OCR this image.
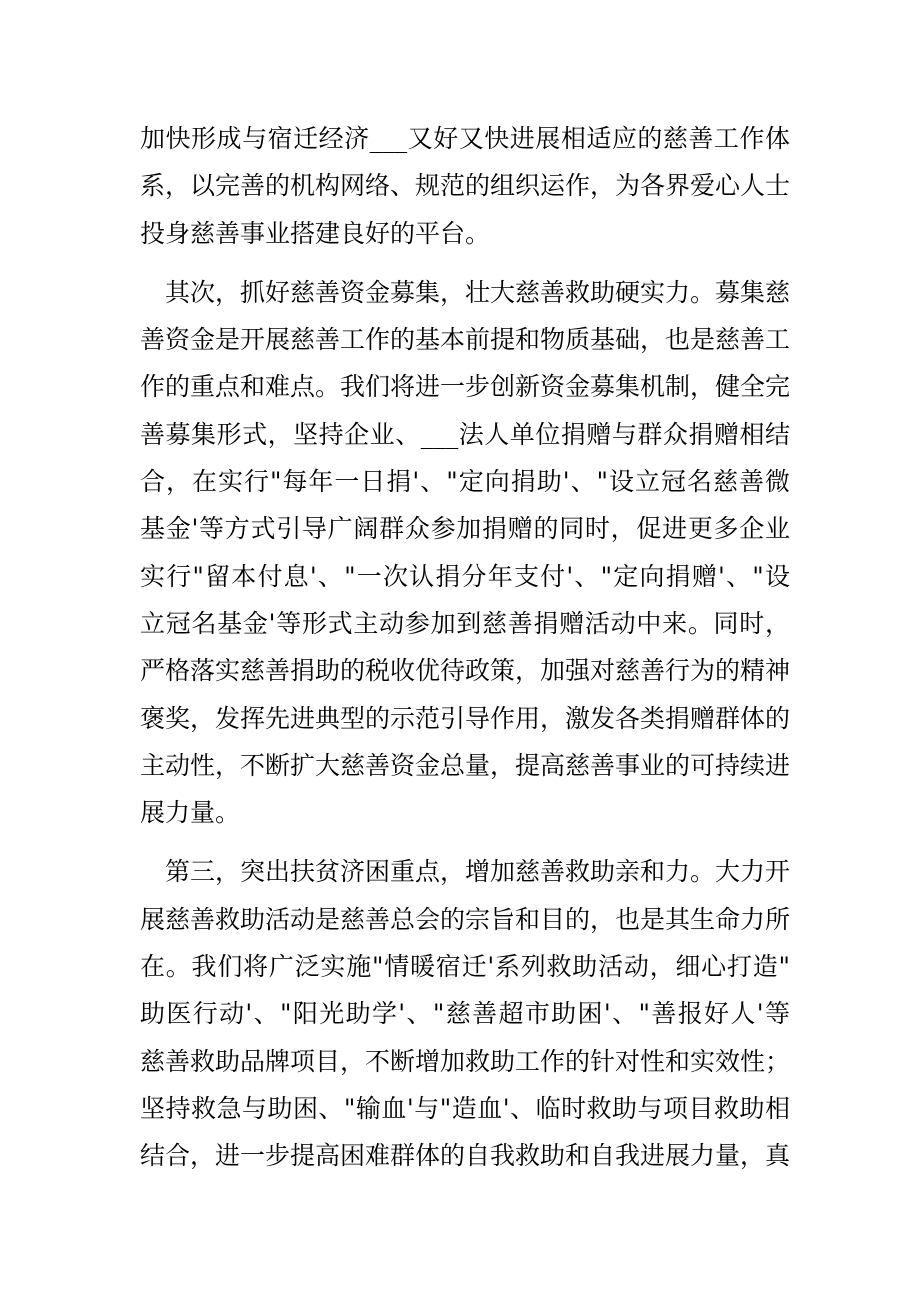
加快形成与宿迁经济___又好又快进展相适应的慈善工作体
系，以完善的机构网络、规范的组织运作，为各界爱心人士
投身慈善事业搭建良好的平台。
其次，抓好慈善资金募集，壮大慈善救助硬实力。募集慈
善资金是开展慈善工作的基本前提和物质基础，也是慈善工
作的重点和难点。我们将进一步创新资金募集机制，健全完
善募集形式，坚持企业、___法人单位捐赠与群众捐赠相结
合，在实行"每年一日捐'、"定向捐助'、"设立冠名慈善微
基金'等方式引导广阔群众参加捐赠的同时，促进更多企业
实行"留本付息'、"一次认捐分年支付'、"定向捐赠'、"设
立冠名基金'等形式主动参加到慈善捐赠活动中来。同时，
严格落实慈善捐助的税收优待政策，加强对慈善行为的精神
褒奖，发挥先进典型的示范引导作用，激发各类捐赠群体的
主动性，不断扩大慈善资金总量，提高慈善事业的可持续进
展力量。
第三，突出扶贫济困重点，增加慈善救助亲和力。大力开
展慈善救助活动是慈善总会的宗旨和目的，也是其生命力所
在。我们将广泛实施"情暖宿迁'系列救助活动，细心打造"
助医行动'、"阳光助学'、"慈善超市助困'、"善报好人'等
慈善救助品牌项目，不断增加救助工作的针对性和实效性；
坚持救急与助困、"输血'与"造血'、临时救助与项目救助相
结合，进一步提高困难群体的自我救助和自我进展力量，真
